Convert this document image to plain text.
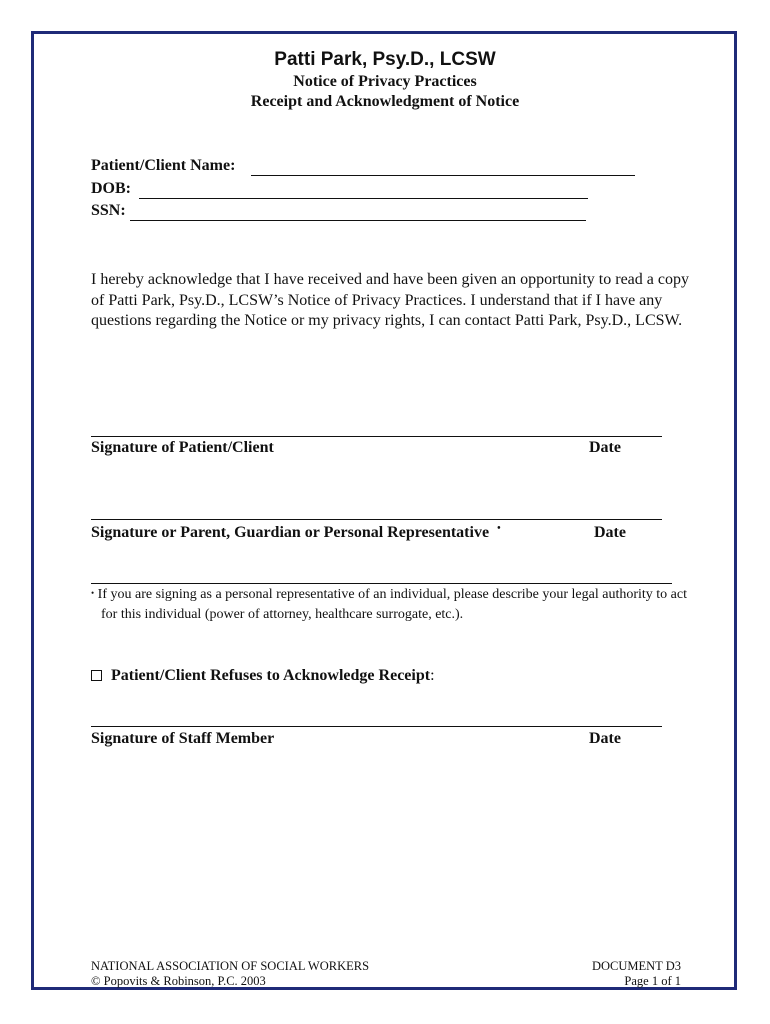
Patti Park, Psy.D., LCSW
Notice of Privacy Practices
Receipt and Acknowledgment of Notice
Patient/Client Name:
DOB:
SSN:
I hereby acknowledge that I have received and have been given an opportunity to read a copy of Patti Park, Psy.D., LCSW’s Notice of Privacy Practices. I understand that if I have any questions regarding the Notice or my privacy rights, I can contact Patti Park, Psy.D., LCSW.
Signature of Patient/Client	Date
Signature or Parent, Guardian or Personal Representative •	Date
• If you are signing as a personal representative of an individual, please describe your legal authority to act for this individual (power of attorney, healthcare surrogate, etc.).
Patient/Client Refuses to Acknowledge Receipt:
Signature of Staff Member	Date
NATIONAL ASSOCIATION OF SOCIAL WORKERS
© Popovits & Robinson, P.C. 2003
DOCUMENT D3
Page 1 of 1
